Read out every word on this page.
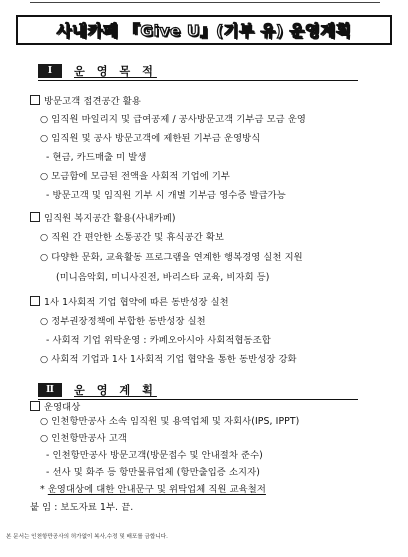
사내카페 『Give U』(기부 유) 운영계획
Ⅰ	운 영 목 적
방문고객 접견공간 활용
○ 임직원 마일리지 및 급여공제 / 공사방문고객 기부금 모금 운영
○ 임직원 및 공사 방문고객에 제한된 기부금 운영방식
- 현금, 카드매출 미 발생
○ 모금함에 모금된 전액을 사회적 기업에 기부
- 방문고객 및 임직원 기부 시 개별 기부금 영수증 발급가능
임직원 복지공간 활용(사내카페)
○ 직원 간 편안한 소통공간 및 휴식공간 확보
○ 다양한 문화, 교육활동 프로그램을 연계한 행복경영 실천 지원
(미니음악회, 미니사진전, 바리스타 교육, 비자회 등)
1사 1사회적 기업 협약에 따른 동반성장 실천
○ 정부권장정책에 부합한 동반성장 실천
- 사회적 기업 위탁운영 : 카페오아시아 사회적협동조합
○ 사회적 기업과 1사 1사회적 기업 협약을 통한 동반성장 강화
Ⅱ	운 영 계 획
운영대상
○ 인천항만공사 소속 임직원 및 용역업체 및 자회사(IPS, IPPT)
○ 인천항만공사 고객
- 인천항만공사 방문고객(방문접수 및 안내절차 준수)
- 선사 및 화주 등 항만물류업체 (항만출입증 소지자)
* 운영대상에 대한 안내문구 및 위탁업체 직원 교육철저
붙 임 : 보도자료 1부. 끝.
본 문서는 인천항만공사의 허가없이 복사,수정 및 배포를 금합니다.
